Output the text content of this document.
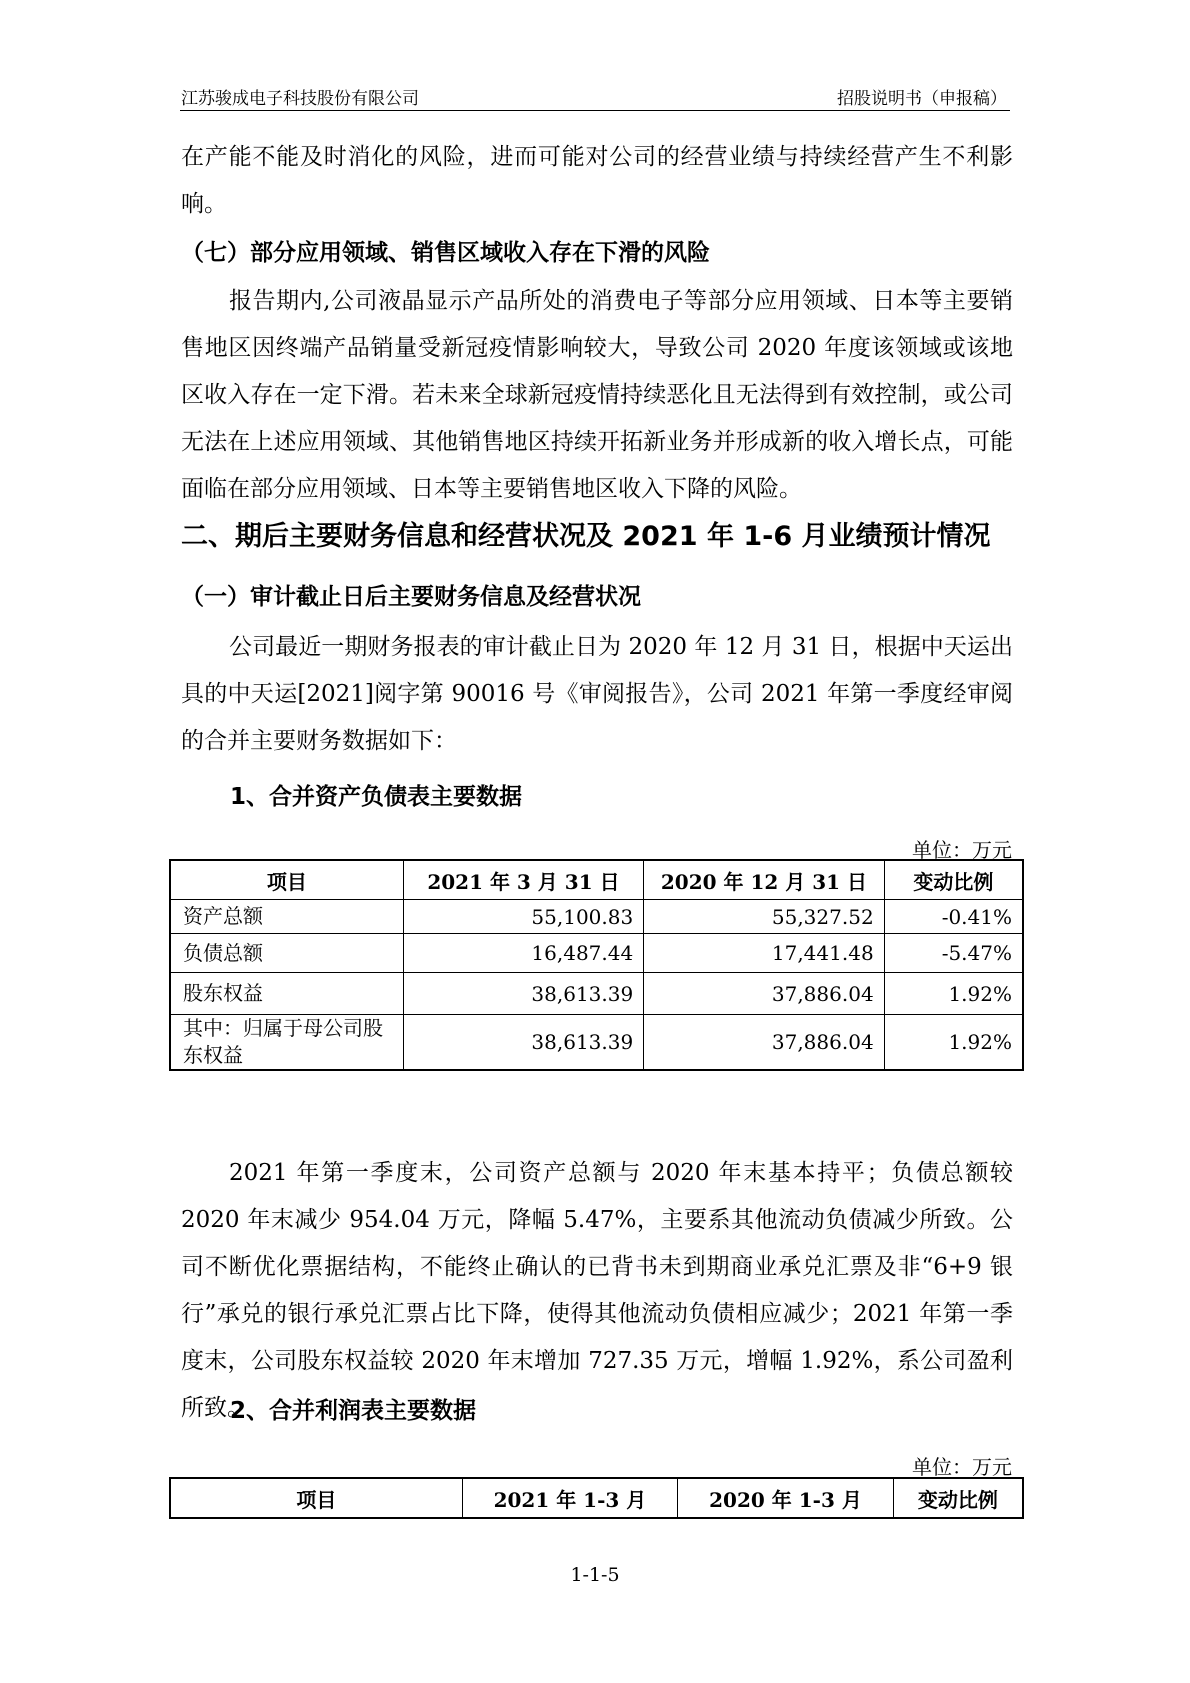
江苏骏成电子科技股份有限公司	招股说明书（申报稿）

在产能不能及时消化的风险，进而可能对公司的经营业绩与持续经营产生不利影响。

（七）部分应用领域、销售区域收入存在下滑的风险

报告期内,公司液晶显示产品所处的消费电子等部分应用领域、日本等主要销售地区因终端产品销量受新冠疫情影响较大，导致公司 2020 年度该领域或该地区收入存在一定下滑。若未来全球新冠疫情持续恶化且无法得到有效控制，或公司无法在上述应用领域、其他销售地区持续开拓新业务并形成新的收入增长点，可能面临在部分应用领域、日本等主要销售地区收入下降的风险。

二、期后主要财务信息和经营状况及 2021 年 1-6 月业绩预计情况
（一）审计截止日后主要财务信息及经营状况

公司最近一期财务报表的审计截止日为 2020 年 12 月 31 日，根据中天运出具的中天运[2021]阅字第 90016 号《审阅报告》，公司 2021 年第一季度经审阅的合并主要财务数据如下：

1、合并资产负债表主要数据
单位：万元
项目	2021 年 3 月 31 日	2020 年 12 月 31 日	变动比例
资产总额	55,100.83	55,327.52	-0.41%
负债总额	16,487.44	17,441.48	-5.47%
股东权益	38,613.39	37,886.04	1.92%
其中：归属于母公司股东权益	38,613.39	37,886.04	1.92%

2021 年第一季度末，公司资产总额与 2020 年末基本持平；负债总额较 2020 年末减少 954.04 万元，降幅 5.47%，主要系其他流动负债减少所致。公司不断优化票据结构，不能终止确认的已背书未到期商业承兑汇票及非“6+9 银行”承兑的银行承兑汇票占比下降，使得其他流动负债相应减少；2021 年第一季度末，公司股东权益较 2020 年末增加 727.35 万元，增幅 1.92%，系公司盈利所致。

2、合并利润表主要数据
单位：万元
项目	2021 年 1-3 月	2020 年 1-3 月	变动比例
1-1-5
